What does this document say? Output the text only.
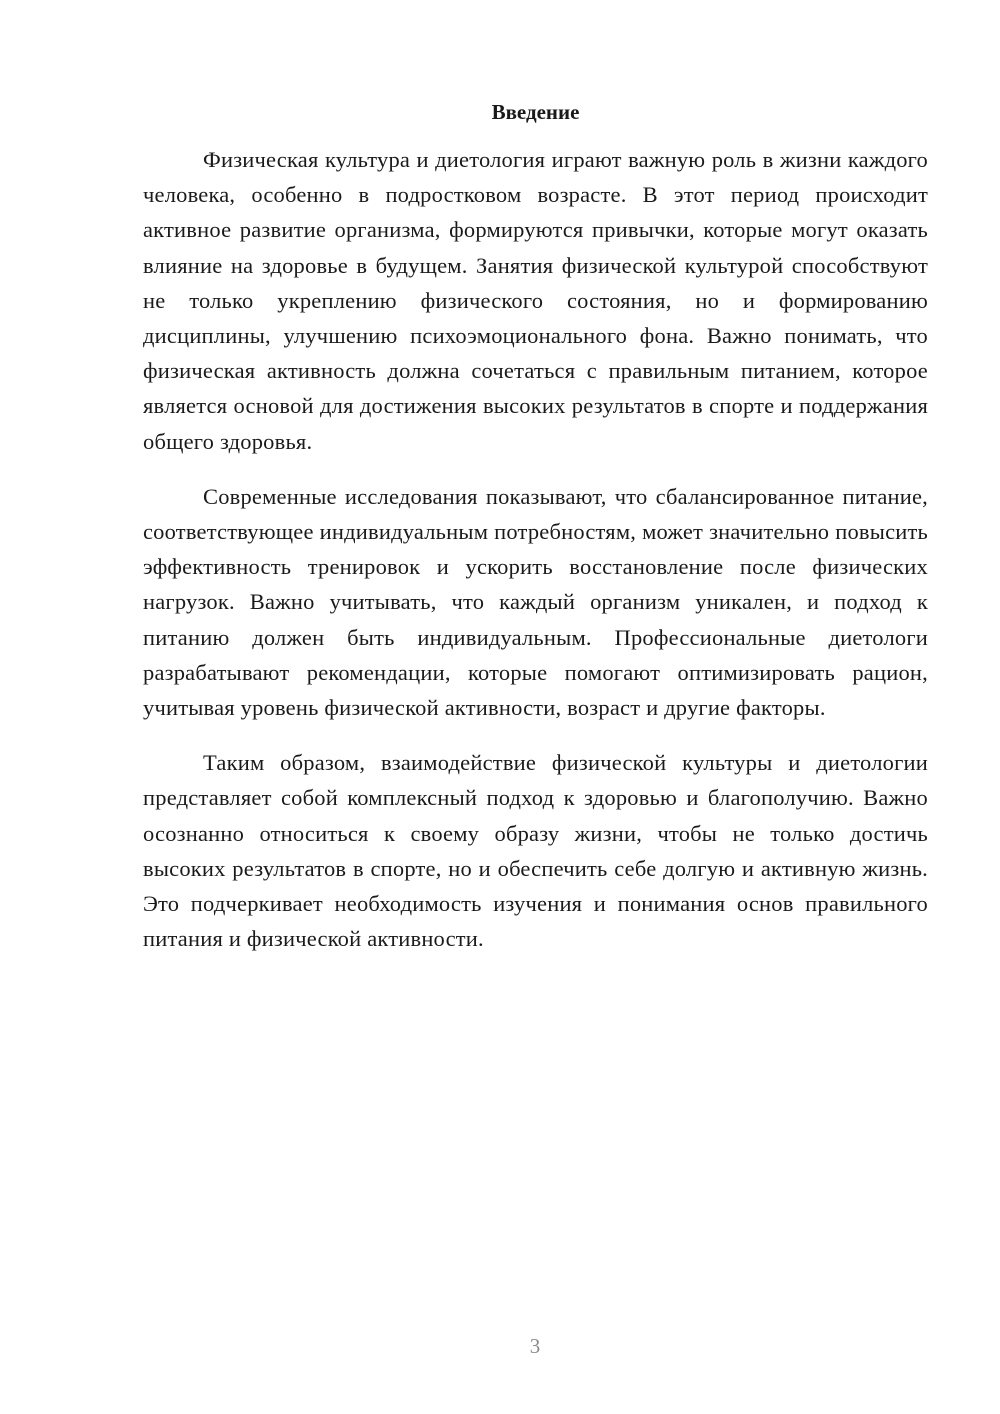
Введение

Физическая культура и диетология играют важную роль в жизни каждого человека, особенно в подростковом возрасте. В этот период происходит активное развитие организма, формируются привычки, которые могут оказать влияние на здоровье в будущем. Занятия физической культурой способствуют не только укреплению физического состояния, но и формированию дисциплины, улучшению психоэмоционального фона. Важно понимать, что физическая активность должна сочетаться с правильным питанием, которое является основой для достижения высоких результатов в спорте и поддержания общего здоровья.

Современные исследования показывают, что сбалансированное питание, соответствующее индивидуальным потребностям, может значительно повысить эффективность тренировок и ускорить восстановление после физических нагрузок. Важно учитывать, что каждый организм уникален, и подход к питанию должен быть индивидуальным. Профессиональные диетологи разрабатывают рекомендации, которые помогают оптимизировать рацион, учитывая уровень физической активности, возраст и другие факторы.

Таким образом, взаимодействие физической культуры и диетологии представляет собой комплексный подход к здоровью и благополучию. Важно осознанно относиться к своему образу жизни, чтобы не только достичь высоких результатов в спорте, но и обеспечить себе долгую и активную жизнь. Это подчеркивает необходимость изучения и понимания основ правильного питания и физической активности.

3
